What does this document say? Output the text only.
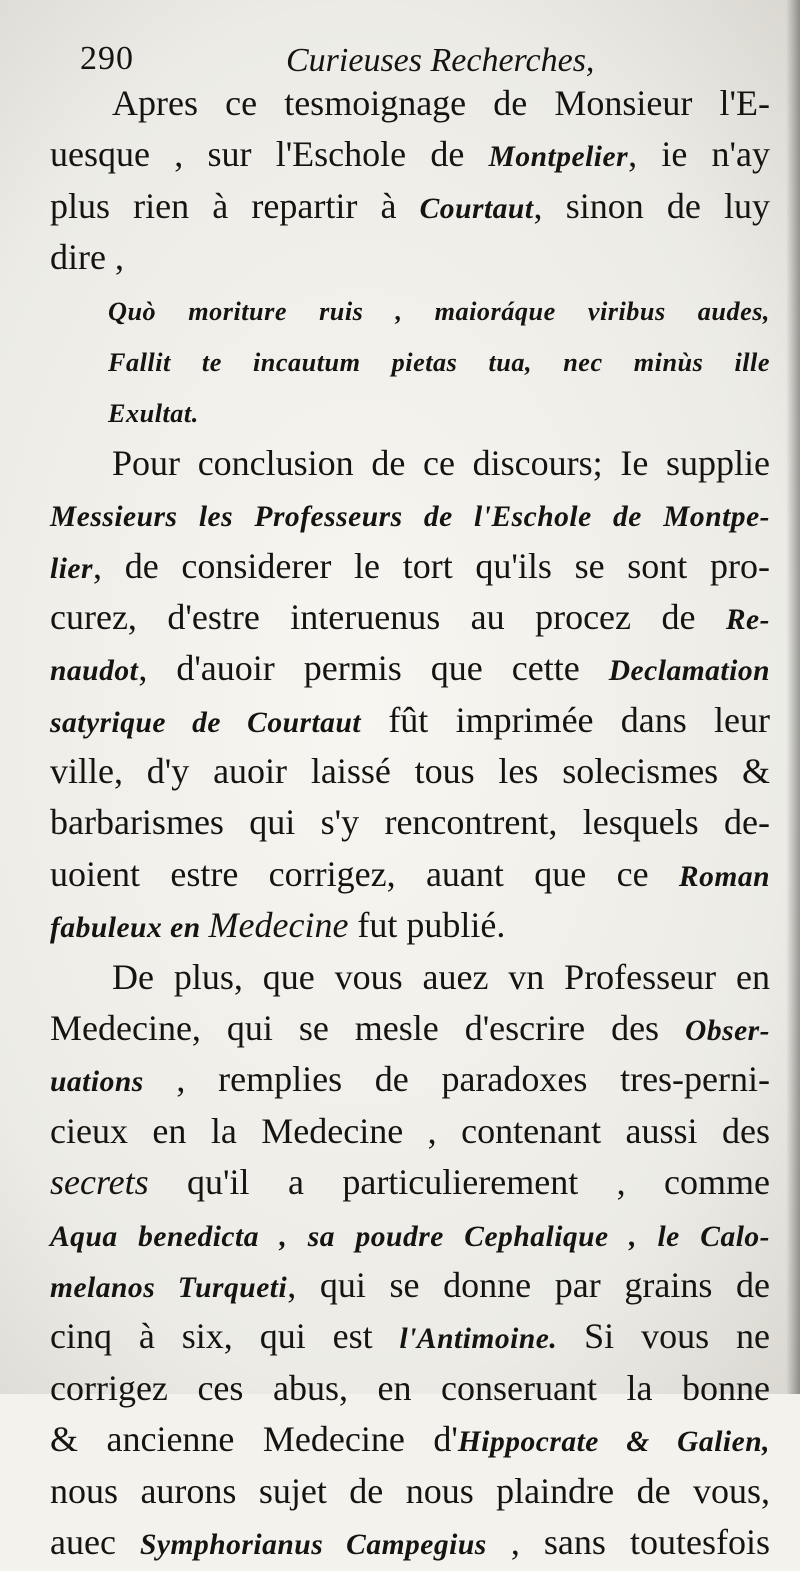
290	Curieuses Recherches,
Apres ce tesmoignage de Monsieur l'E-
uesque , sur l'Eschole de Montpelier, ie n'ay
plus rien à repartir à Courtaut, sinon de luy
dire ,
Quò moriture ruis , maioráque viribus audes,
Fallit te incautum pietas tua, nec minùs ille
Exultat.
Pour conclusion de ce discours; Ie supplie
Messieurs les Professeurs de l'Eschole de Montpe-
lier, de considerer le tort qu'ils se sont pro-
curez, d'estre interuenus au procez de Re-
naudot, d'auoir permis que cette Declamation
satyrique de Courtaut fût imprimée dans leur
ville, d'y auoir laissé tous les solecismes &
barbarismes qui s'y rencontrent, lesquels de-
uoient estre corrigez, auant que ce Roman
fabuleux en Medecine fut publié.
De plus, que vous auez vn Professeur en
Medecine, qui se mesle d'escrire des Obser-
uations , remplies de paradoxes tres-perni-
cieux en la Medecine , contenant aussi des
secrets qu'il a particulierement , comme
Aqua benedicta , sa poudre Cephalique , le Calo-
melanos Turqueti, qui se donne par grains de
cinq à six, qui est l'Antimoine. Si vous ne
corrigez ces abus, en conseruant la bonne
& ancienne Medecine d'Hippocrate & Galien,
nous aurons sujet de nous plaindre de vous,
auec Symphorianus Campegius , sans toutesfois
